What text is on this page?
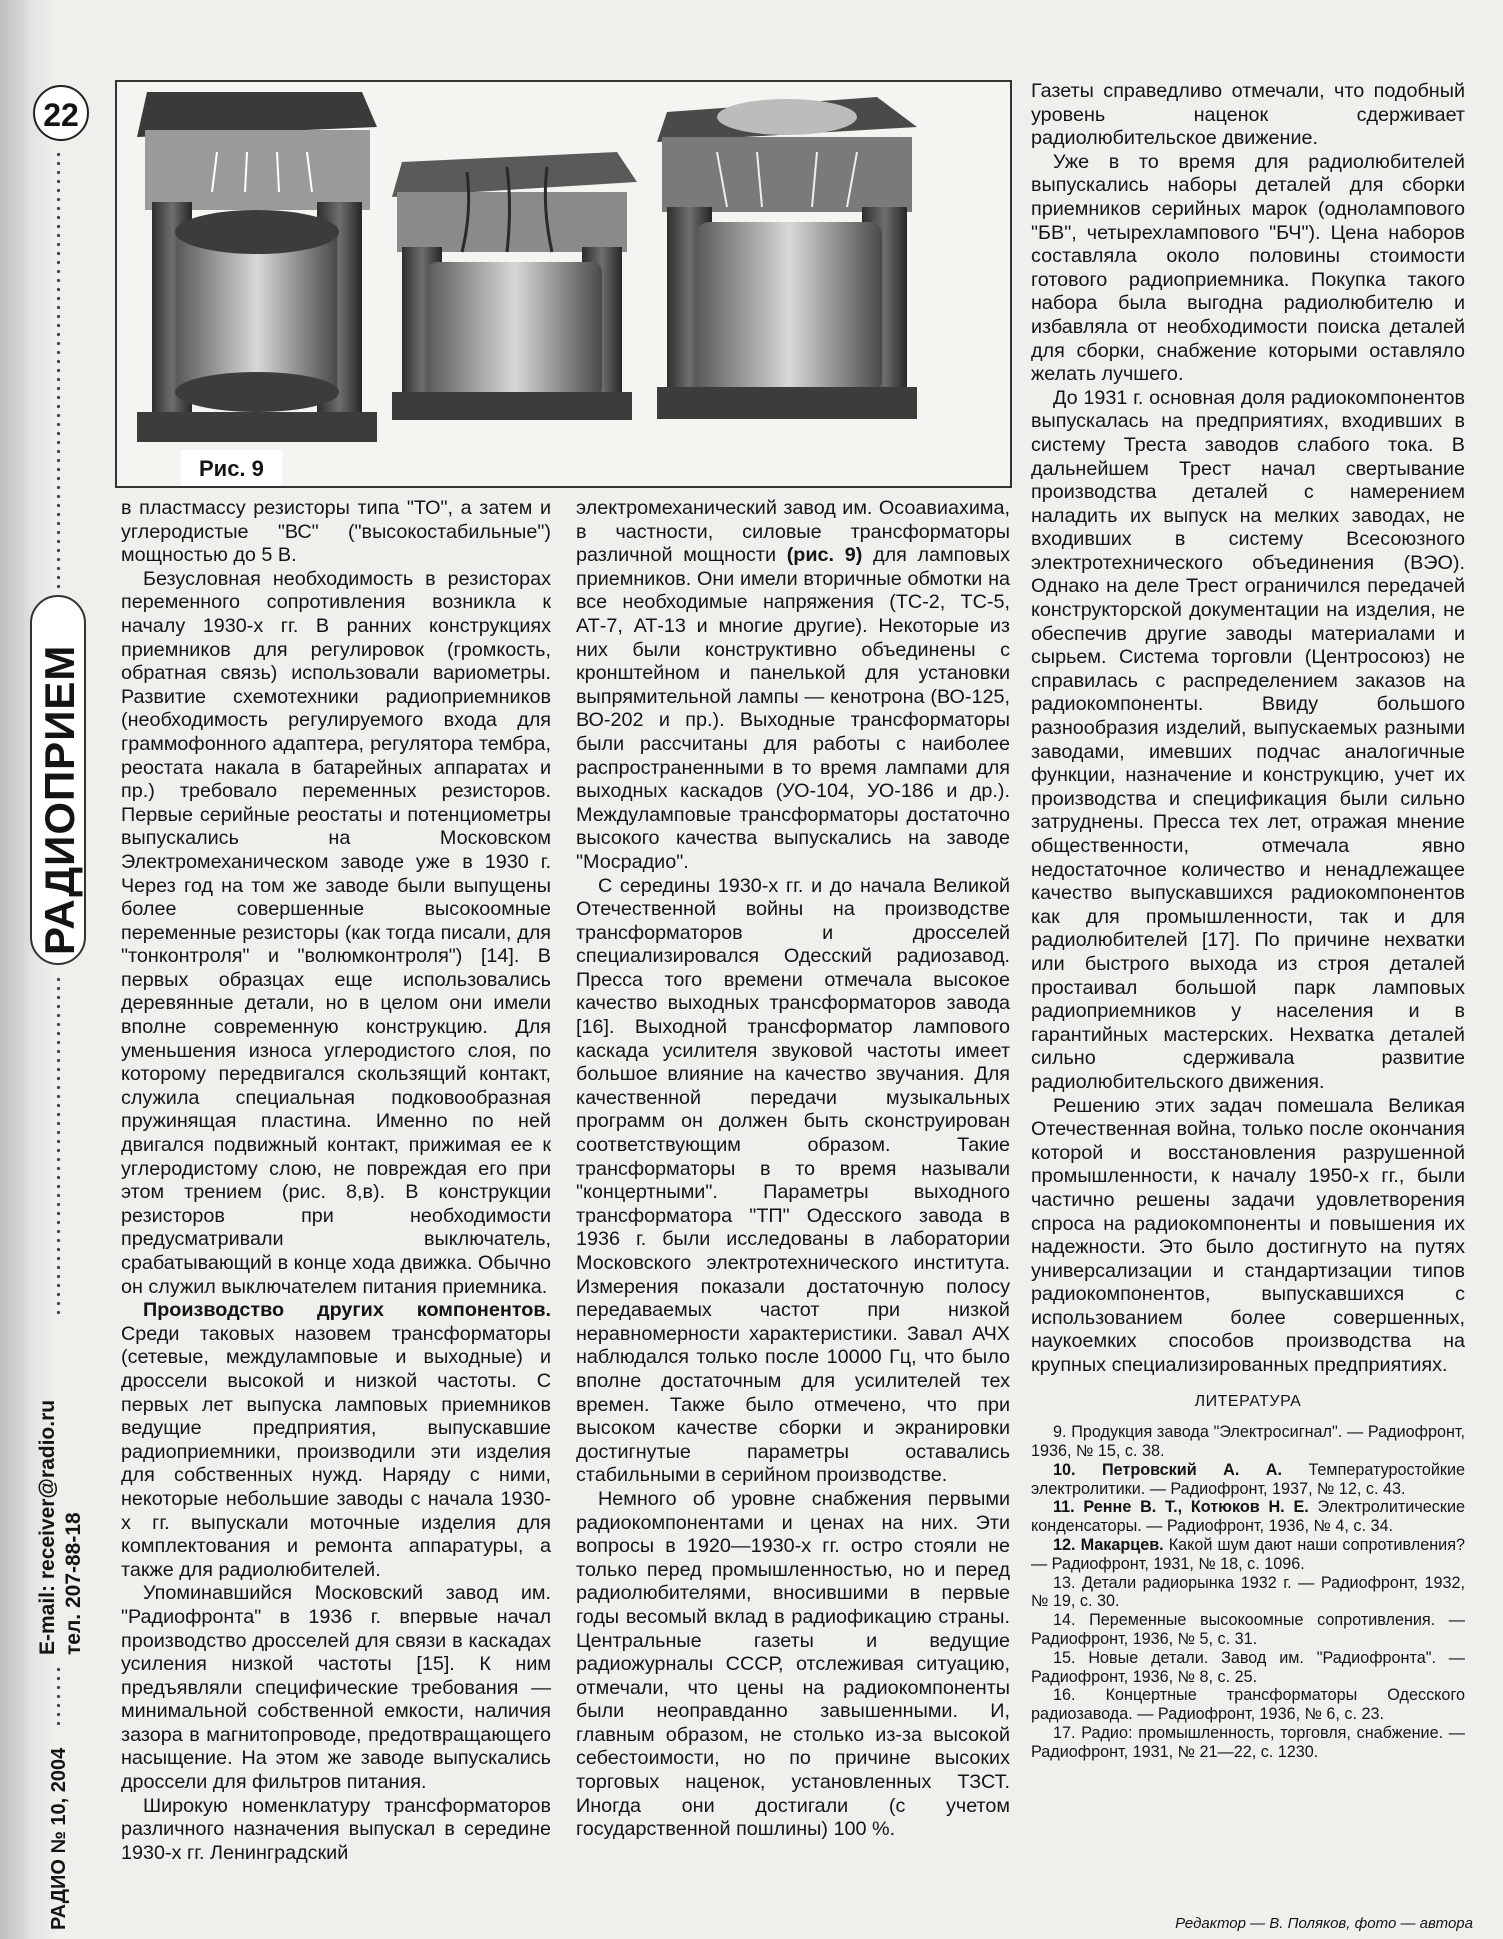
22
РАДИОПРИЕМ
E-mail: receiver@radio.ru тел. 207-88-18
РАДИО № 10, 2004
Рис. 9

в пластмассу резисторы типа "ТО", а затем и углеродистые "ВС" ("высокостабильные") мощностью до 5 В.

Безусловная необходимость в резисторах переменного сопротивления возникла к началу 1930-х гг. В ранних конструкциях приемников для регулировок (громкость, обратная связь) использовали вариометры. Развитие схемотехники радиоприемников (необходимость регулируемого входа для граммофонного адаптера, регулятора тембра, реостата накала в батарейных аппаратах и пр.) требовало переменных резисторов. Первые серийные реостаты и потенциометры выпускались на Московском Электромеханическом заводе уже в 1930 г. Через год на том же заводе были выпущены более совершенные высокоомные переменные резисторы (как тогда писали, для "тонконтроля" и "волюмконтроля") [14]. В первых образцах еще использовались деревянные детали, но в целом они имели вполне современную конструкцию. Для уменьшения износа углеродистого слоя, по которому передвигался скользящий контакт, служила специальная подковообразная пружинящая пластина. Именно по ней двигался подвижный контакт, прижимая ее к углеродистому слою, не повреждая его при этом трением (рис. 8,в). В конструкции резисторов при необходимости предусматривали выключатель, срабатывающий в конце хода движка. Обычно он служил выключателем питания приемника.

Производство других компонентов. Среди таковых назовем трансформаторы (сетевые, междуламповые и выходные) и дроссели высокой и низкой частоты. С первых лет выпуска ламповых приемников ведущие предприятия, выпускавшие радиоприемники, производили эти изделия для собственных нужд. Наряду с ними, некоторые небольшие заводы с начала 1930-х гг. выпускали моточные изделия для комплектования и ремонта аппаратуры, а также для радиолюбителей.

Упоминавшийся Московский завод им. "Радиофронта" в 1936 г. впервые начал производство дросселей для связи в каскадах усиления низкой частоты [15]. К ним предъявляли специфические требования — минимальной собственной емкости, наличия зазора в магнитопроводе, предотвращающего насыщение. На этом же заводе выпускались дроссели для фильтров питания.

Широкую номенклатуру трансформаторов различного назначения выпускал в середине 1930-х гг. Ленинградский

электромеханический завод им. Осоавиахима, в частности, силовые трансформаторы различной мощности (рис. 9) для ламповых приемников. Они имели вторичные обмотки на все необходимые напряжения (ТС-2, ТС-5, АТ-7, АТ-13 и многие другие). Некоторые из них были конструктивно объединены с кронштейном и панелькой для установки выпрямительной лампы — кенотрона (ВО-125, ВО-202 и пр.). Выходные трансформаторы были рассчитаны для работы с наиболее распространенными в то время лампами для выходных каскадов (УО-104, УО-186 и др.). Междуламповые трансформаторы достаточно высокого качества выпускались на заводе "Мосрадио".

С середины 1930-х гг. и до начала Великой Отечественной войны на производстве трансформаторов и дросселей специализировался Одесский радиозавод. Пресса того времени отмечала высокое качество выходных трансформаторов завода [16]. Выходной трансформатор лампового каскада усилителя звуковой частоты имеет большое влияние на качество звучания. Для качественной передачи музыкальных программ он должен быть сконструирован соответствующим образом. Такие трансформаторы в то время называли "концертными". Параметры выходного трансформатора "ТП" Одесского завода в 1936 г. были исследованы в лаборатории Московского электротехнического института. Измерения показали достаточную полосу передаваемых частот при низкой неравномерности характеристики. Завал АЧХ наблюдался только после 10000 Гц, что было вполне достаточным для усилителей тех времен. Также было отмечено, что при высоком качестве сборки и экранировки достигнутые параметры оставались стабильными в серийном производстве.

Немного об уровне снабжения первыми радиокомпонентами и ценах на них. Эти вопросы в 1920—1930-х гг. остро стояли не только перед промышленностью, но и перед радиолюбителями, вносившими в первые годы весомый вклад в радиофикацию страны. Центральные газеты и ведущие радиожурналы СССР, отслеживая ситуацию, отмечали, что цены на радиокомпоненты были неоправданно завышенными. И, главным образом, не столько из-за высокой себестоимости, но по причине высоких торговых наценок, установленных ТЗСТ. Иногда они достигали (с учетом государственной пошлины) 100 %.

Газеты справедливо отмечали, что подобный уровень наценок сдерживает радиолюбительское движение.

Уже в то время для радиолюбителей выпускались наборы деталей для сборки приемников серийных марок (однолампового "БВ", четырехлампового "БЧ"). Цена наборов составляла около половины стоимости готового радиоприемника. Покупка такого набора была выгодна радиолюбителю и избавляла от необходимости поиска деталей для сборки, снабжение которыми оставляло желать лучшего.

До 1931 г. основная доля радиокомпонентов выпускалась на предприятиях, входивших в систему Треста заводов слабого тока. В дальнейшем Трест начал свертывание производства деталей с намерением наладить их выпуск на мелких заводах, не входивших в систему Всесоюзного электротехнического объединения (ВЭО). Однако на деле Трест ограничился передачей конструкторской документации на изделия, не обеспечив другие заводы материалами и сырьем. Система торговли (Центросоюз) не справилась с распределением заказов на радиокомпоненты. Ввиду большого разнообразия изделий, выпускаемых разными заводами, имевших подчас аналогичные функции, назначение и конструкцию, учет их производства и спецификация были сильно затруднены. Пресса тех лет, отражая мнение общественности, отмечала явно недостаточное количество и ненадлежащее качество выпускавшихся радиокомпонентов как для промышленности, так и для радиолюбителей [17]. По причине нехватки или быстрого выхода из строя деталей простаивал большой парк ламповых радиоприемников у населения и в гарантийных мастерских. Нехватка деталей сильно сдерживала развитие радиолюбительского движения.

Решению этих задач помешала Великая Отечественная война, только после окончания которой и восстановления разрушенной промышленности, к началу 1950-х гг., были частично решены задачи удовлетворения спроса на радиокомпоненты и повышения их надежности. Это было достигнуто на путях универсализации и стандартизации типов радиокомпонентов, выпускавшихся с использованием более совершенных, наукоемких способов производства на крупных специализированных предприятиях.

ЛИТЕРАТУРА

9. Продукция завода "Электросигнал". — Радиофронт, 1936, № 15, с. 38.

10. Петровский А. А. Температуростойкие электролитики. — Радиофронт, 1937, № 12, с. 43.

11. Ренне В. Т., Котюков Н. Е. Электролитические конденсаторы. — Радиофронт, 1936, № 4, с. 34.

12. Макарцев. Какой шум дают наши сопротивления? — Радиофронт, 1931, № 18, с. 1096.

13. Детали радиорынка 1932 г. — Радиофронт, 1932, № 19, с. 30.

14. Переменные высокоомные сопротивления. — Радиофронт, 1936, № 5, с. 31.

15. Новые детали. Завод им. "Радиофронта". — Радиофронт, 1936, № 8, с. 25.

16. Концертные трансформаторы Одесского радиозавода. — Радиофронт, 1936, № 6, с. 23.

17. Радио: промышленность, торговля, снабжение. — Радиофронт, 1931, № 21—22, с. 1230.

Редактор — В. Поляков, фото — автора
